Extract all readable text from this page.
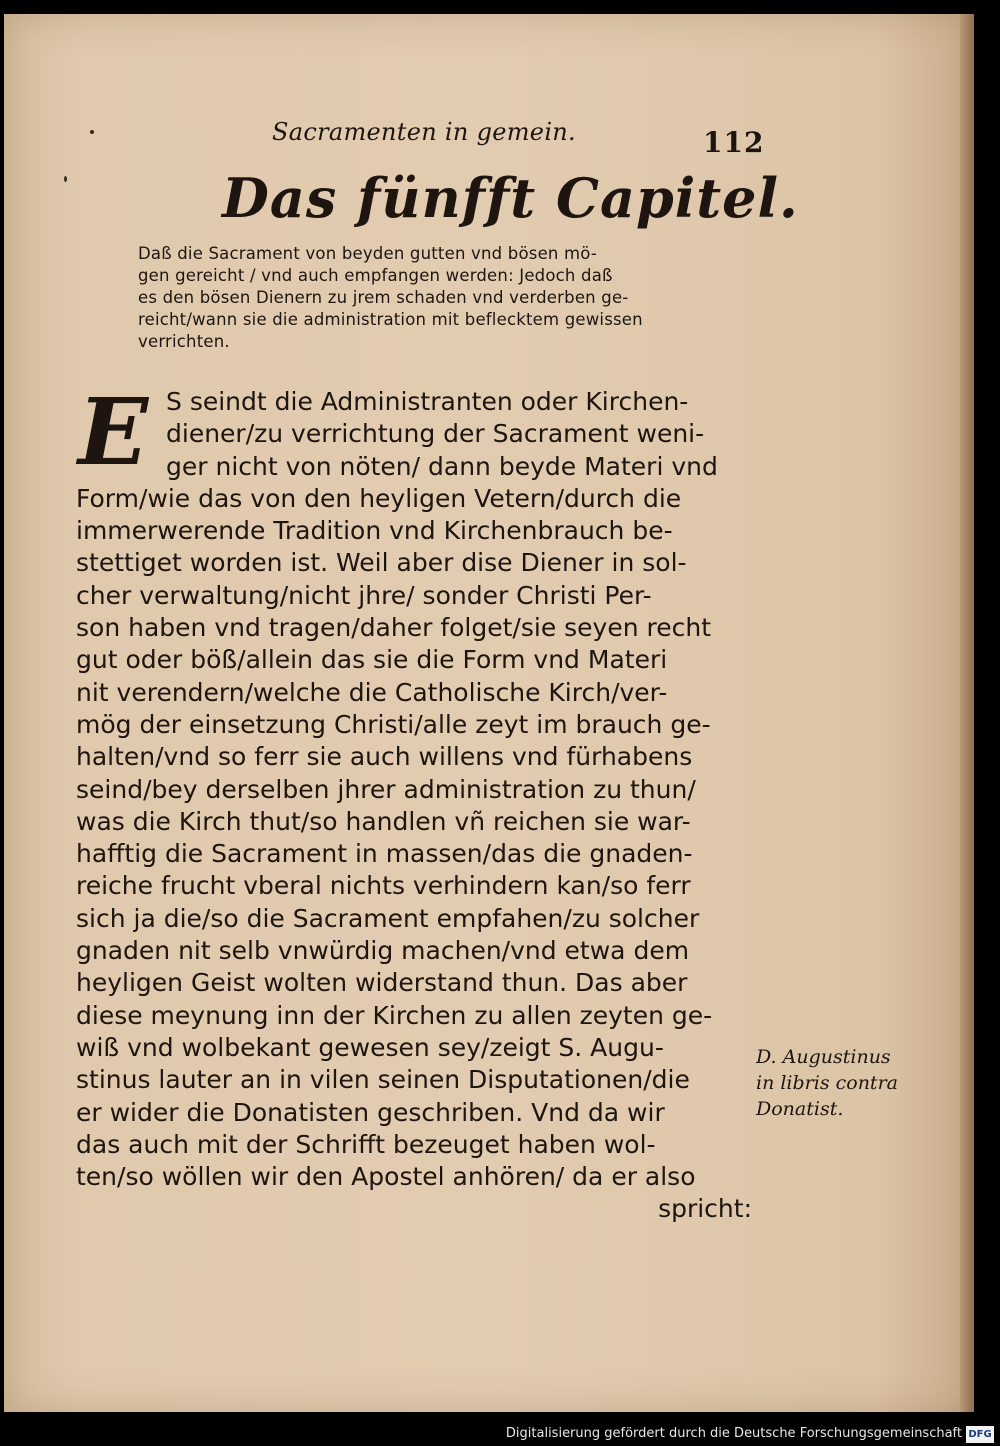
Sacramenten in gemein.	112
Das fünfft Capitel.
Daß die Sacrament von beyden gutten vnd bösen mö-
gen gereicht / vnd auch empfangen werden: Jedoch daß
es den bösen Dienern zu jrem schaden vnd verderben ge-
reicht/wann sie die administration mit beflecktem gewissen
verrichten.
E S seindt die Administranten oder Kirchen-
diener/zu verrichtung der Sacrament weni-
ger nicht von nöten/ dann beyde Materi vnd
Form/wie das von den heyligen Vetern/durch die
immerwerende Tradition vnd Kirchenbrauch be-
stettiget worden ist. Weil aber dise Diener in sol-
cher verwaltung/nicht jhre/ sonder Christi Per-
son haben vnd tragen/daher folget/sie seyen recht
gut oder böß/allein das sie die Form vnd Materi
nit verendern/welche die Catholische Kirch/ver-
mög der einsetzung Christi/alle zeyt im brauch ge-
halten/vnd so ferr sie auch willens vnd fürhabens
seind/bey derselben jhrer administration zu thun/
was die Kirch thut/so handlen vñ reichen sie war-
hafftig die Sacrament in massen/das die gnaden-
reiche frucht vberal nichts verhindern kan/so ferr
sich ja die/so die Sacrament empfahen/zu solcher
gnaden nit selb vnwürdig machen/vnd etwa dem
heyligen Geist wolten widerstand thun. Das aber
diese meynung inn der Kirchen zu allen zeyten ge-
wiß vnd wolbekant gewesen sey/zeigt S. Augu-
stinus lauter an in vilen seinen Disputationen/die
er wider die Donatisten geschriben. Vnd da wir
das auch mit der Schrifft bezeuget haben wol-
ten/so wöllen wir den Apostel anhören/ da er also
spricht:
D. Augustinus
in libris contra
Donatist.
Digitalisierung gefördert durch die Deutsche Forschungsgemeinschaft DFG
